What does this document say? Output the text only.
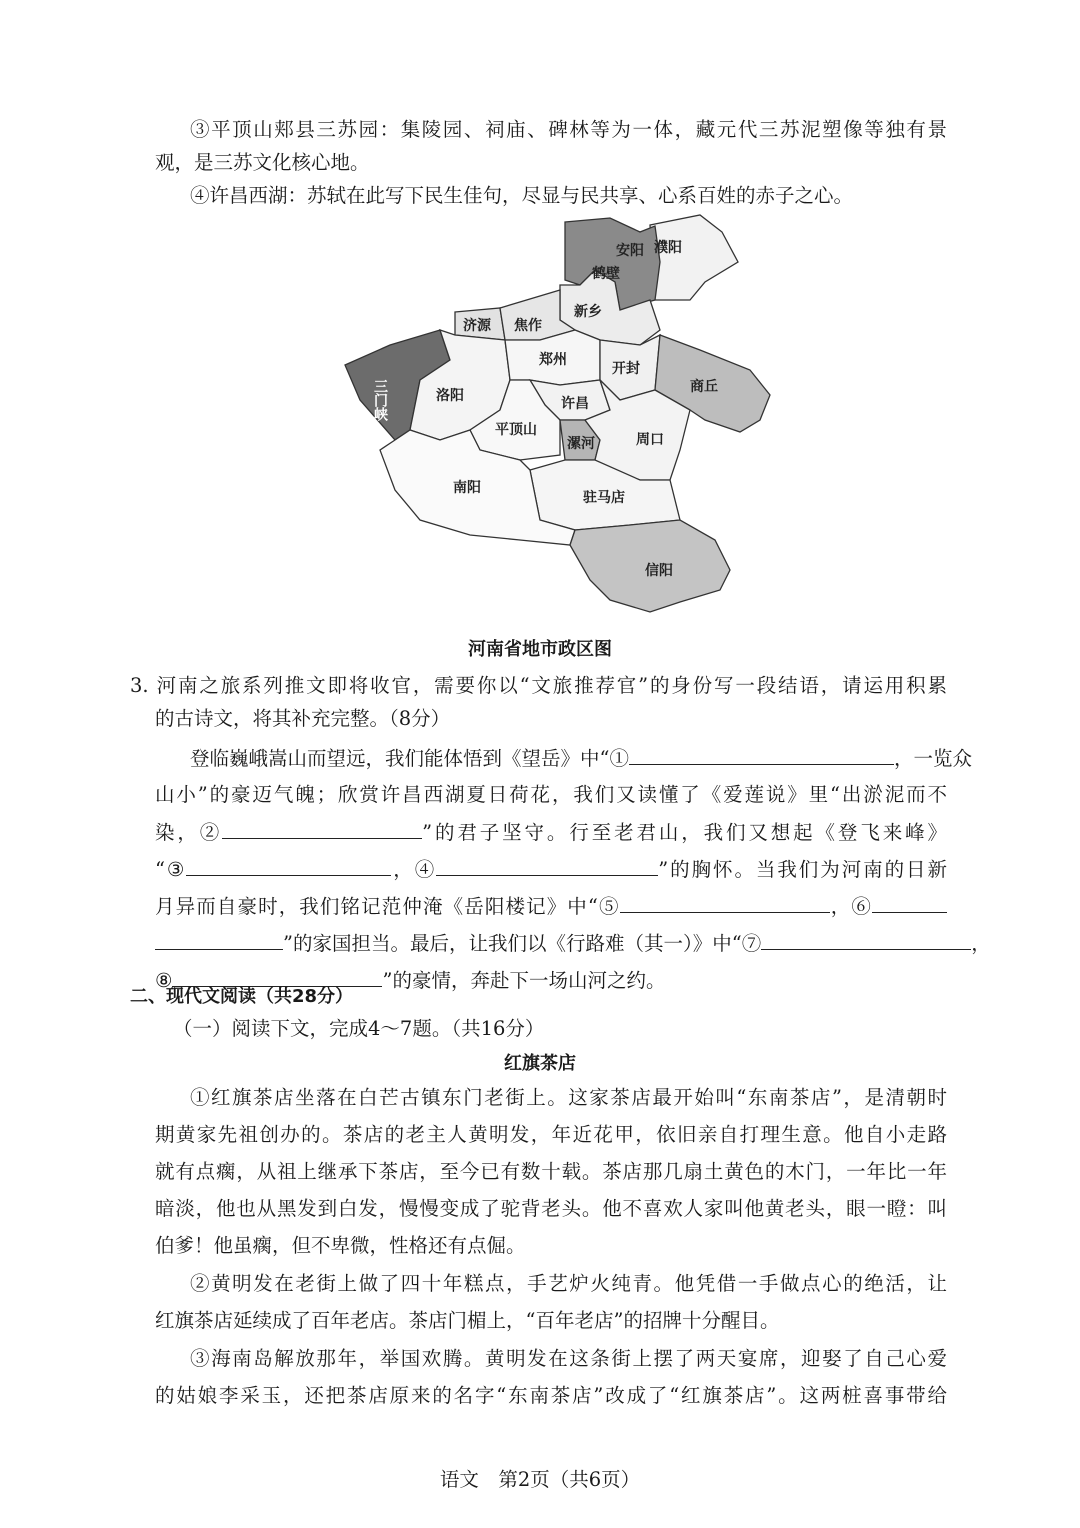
③平顶山郏县三苏园：集陵园、祠庙、碑林等为一体，藏元代三苏泥塑像等独有景
观，是三苏文化核心地。
④许昌西湖：苏轼在此写下民生佳句，尽显与民共享、心系百姓的赤子之心。
安阳
鹤壁
濮阳
新乡
济源 焦作
郑州
开封
商丘
三门峡	洛阳	许昌
平顶山
漯河	周口
南阳
驻马店
信阳
河南省地市政区图
3. 河南之旅系列推文即将收官，需要你以“文旅推荐官”的身份写一段结语，请运用积累
的古诗文，将其补充完整。（8分）
登临巍峨嵩山而望远，我们能体悟到《望岳》中“①	，一览众
山小”的豪迈气魄；欣赏许昌西湖夏日荷花，我们又读懂了《爱莲说》里“出淤泥而不
染，②	”的君子坚守。行至老君山，我们又想起《登飞来峰》
“③	，④	”的胸怀。当我们为河南的日新
月异而自豪时，我们铭记范仲淹《岳阳楼记》中“⑤	，⑥
”的家国担当。最后，让我们以《行路难（其一）》中“⑦	，
⑧	”的豪情，奔赴下一场山河之约。
二、现代文阅读（共28分）
（一）阅读下文，完成4～7题。（共16分）
红旗茶店
①红旗茶店坐落在白芒古镇东门老街上。这家茶店最开始叫“东南茶店”，是清朝时
期黄家先祖创办的。茶店的老主人黄明发，年近花甲，依旧亲自打理生意。他自小走路
就有点瘸，从祖上继承下茶店，至今已有数十载。茶店那几扇土黄色的木门，一年比一年
暗淡，他也从黑发到白发，慢慢变成了驼背老头。他不喜欢人家叫他黄老头，眼一瞪：叫
伯爹！他虽瘸，但不卑微，性格还有点倔。
②黄明发在老街上做了四十年糕点，手艺炉火纯青。他凭借一手做点心的绝活，让
红旗茶店延续成了百年老店。茶店门楣上，“百年老店”的招牌十分醒目。
③海南岛解放那年，举国欢腾。黄明发在这条街上摆了两天宴席，迎娶了自己心爱
的姑娘李采玉，还把茶店原来的名字“东南茶店”改成了“红旗茶店”。这两桩喜事带给
语文　第2页（共6页）
